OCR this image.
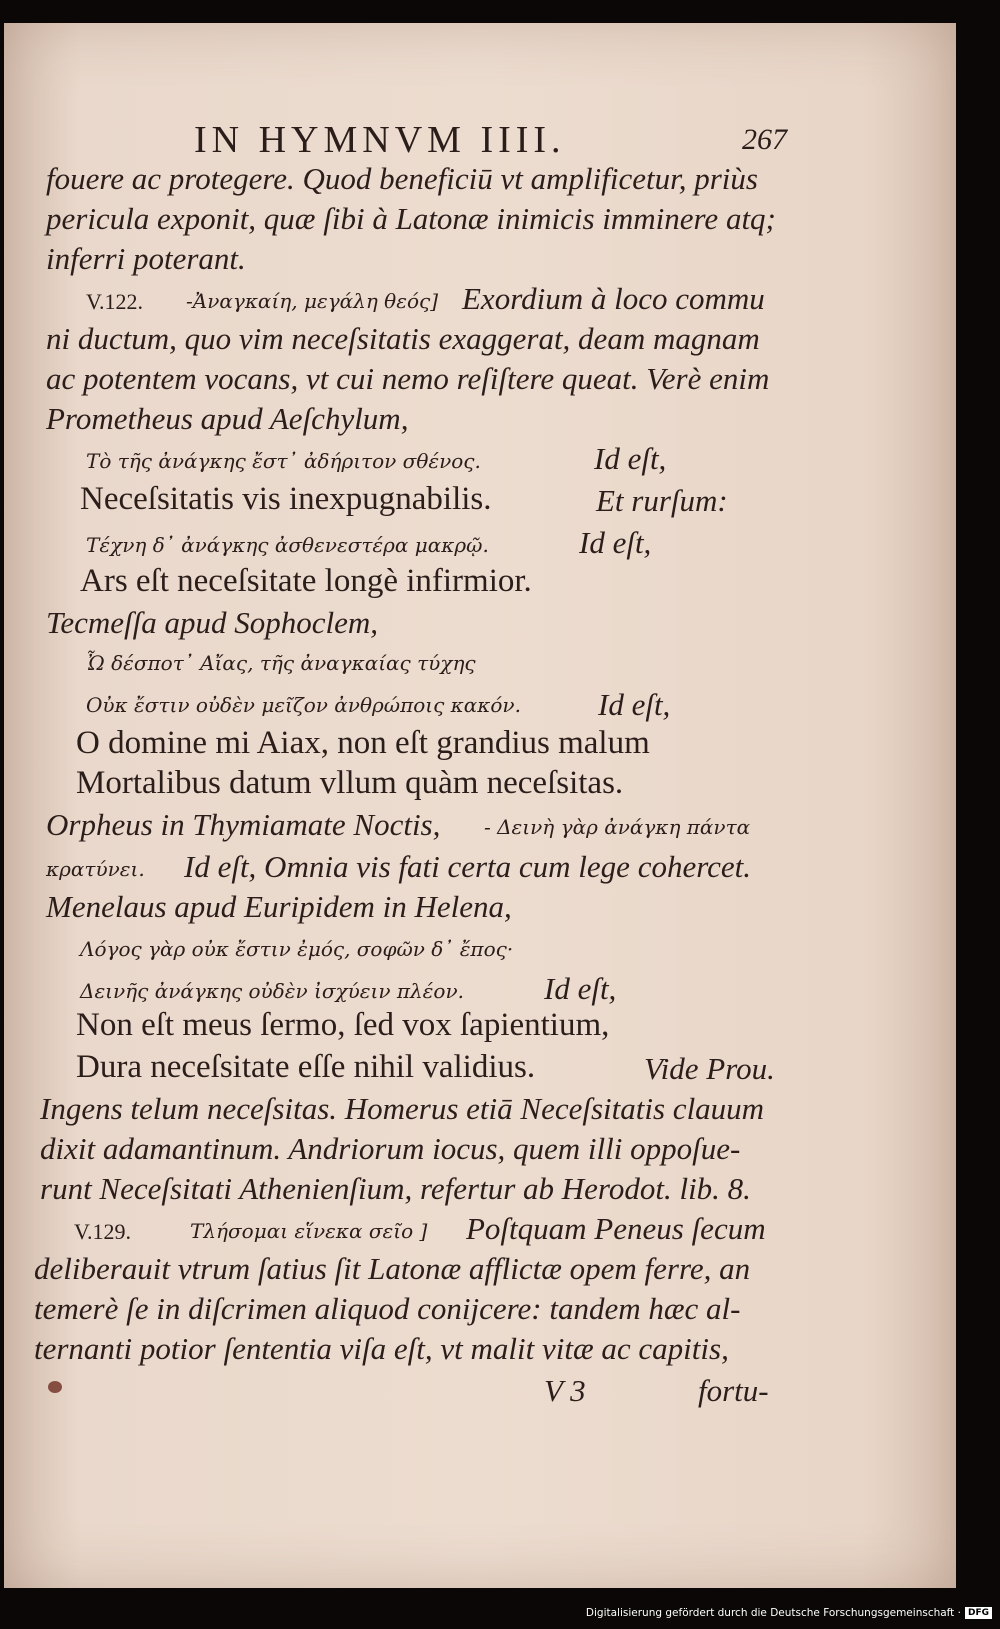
IN HYMNVM IIII.	267
fouere ac protegere. Quod beneficiū vt amplificetur, priùs
pericula exponit, quæ ſibi à Latonæ inimicis imminere atq;
inferri poterant.
V.122. -Ἀναγκαίη, μεγάλη θεός] Exordium à loco commu
ni ductum, quo vim neceſsitatis exaggerat, deam magnam
ac potentem vocans, vt cui nemo reſiſtere queat. Verè enim
Prometheus apud Aeſchylum,
Τὸ τῆς ἀνάγκης ἔστ᾽ ἀδήριτον σθένος.	Id eſt,
Neceſsitatis vis inexpugnabilis.	Et rurſum:
Τέχνη δ᾽ ἀνάγκης ἀσθενεστέρα μακρῷ.	Id eſt,
Ars eſt neceſsitate longè infirmior.
Tecmeſſa apud Sophoclem,
Ὦ δέσποτ᾽ Αἴας, τῆς ἀναγκαίας τύχης
Οὐκ ἔστιν οὐδὲν μεῖζον ἀνθρώποις κακόν. Id eſt,
O domine mi Aiax, non eſt grandius malum
Mortalibus datum vllum quàm neceſsitas.
Orpheus in Thymiamate Noctis, - Δεινὴ γὰρ ἀνάγκη πάντα
κρατύνει. Id eſt, Omnia vis fati certa cum lege cohercet.
Menelaus apud Euripidem in Helena,
Λόγος γὰρ οὐκ ἔστιν ἐμός, σοφῶν δ᾽ ἔπος·
Δεινῆς ἀνάγκης οὐδὲν ἰσχύειν πλέον.	Id eſt,
Non eſt meus ſermo, ſed vox ſapientium,
Dura neceſsitate eſſe nihil validius.	Vide Prou.
Ingens telum neceſsitas. Homerus etiā Neceſsitatis clauum
dixit adamantinum. Andriorum iocus, quem illi oppoſue-
runt Neceſsitati Athenienſium, refertur ab Herodot. lib. 8.
V.129.	Τλήσομαι εἵνεκα σεῖο ] Poſtquam Peneus ſecum
deliberauit vtrum ſatius ſit Latonæ afflictæ opem ferre, an
temerè ſe in diſcrimen aliquod conijcere: tandem hæc al-
ternanti potior ſententia viſa eſt, vt malit vitæ ac capitis,
V 3	fortu-
Digitalisierung gefördert durch die Deutsche Forschungsgemeinschaft · DFG
